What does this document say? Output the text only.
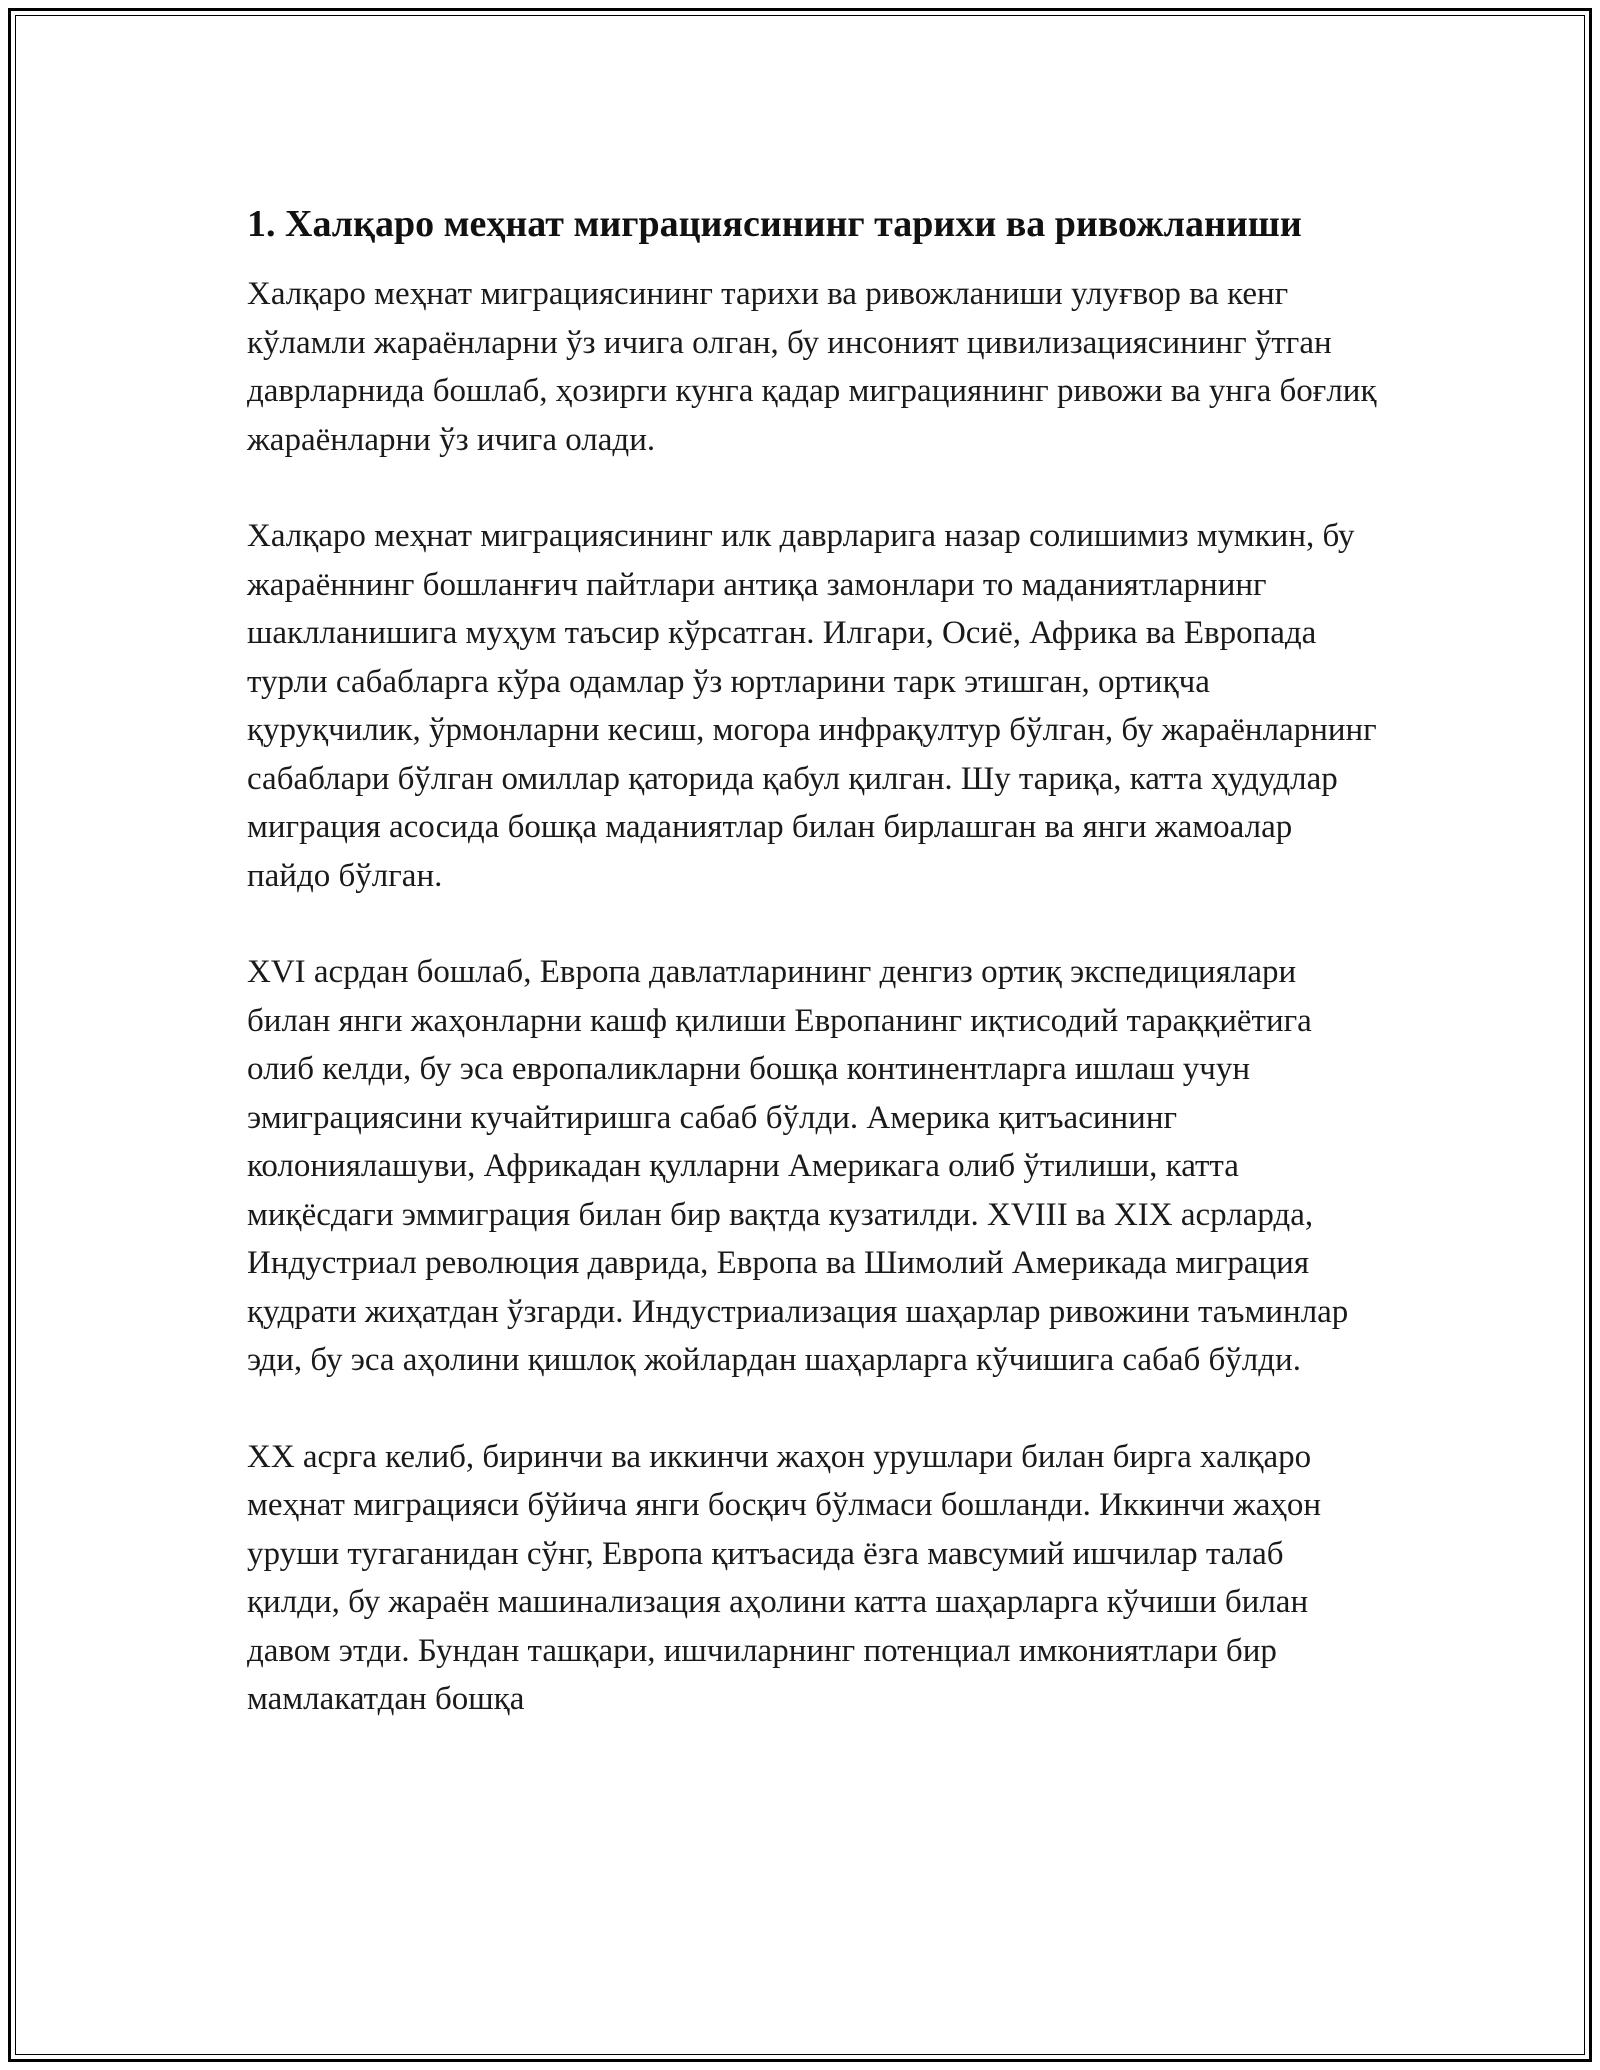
1. Халқаро меҳнат миграциясининг тарихи ва ривожланиши

Халқаро меҳнат миграциясининг тарихи ва ривожланиши улуғвор ва кенг кўламли жараёнларни ўз ичига олган, бу инсоният цивилизациясининг ўтган даврларнида бошлаб, ҳозирги кунга қадар миграциянинг ривожи ва унга боғлиқ жараёнларни ўз ичига олади.

Халқаро меҳнат миграциясининг илк даврларига назар солишимиз мумкин, бу жараённинг бошланғич пайтлари антиқа замонлари то маданиятларнинг шаклланишига муҳум таъсир кўрсатган. Илгари, Осиё, Африка ва Европада турли сабабларга кўра одамлар ўз юртларини тарк этишган, ортиқча қуруқчилик, ўрмонларни кесиш, могора инфрақултур бўлган, бу жараёнларнинг сабаблари бўлган омиллар қаторида қабул қилган. Шу тариқа, катта ҳудудлар миграция асосида бошқа маданиятлар билан бирлашган ва янги жамоалар пайдо бўлган.

XVI асрдан бошлаб, Европа давлатларининг денгиз ортиқ экспедициялари билан янги жаҳонларни кашф қилиши Европанинг иқтисодий тараққиётига олиб келди, бу эса европаликларни бошқа континентларга ишлаш учун эмиграциясини кучайтиришга сабаб бўлди. Америка қитъасининг колониялашуви, Африкадан қулларни Америкага олиб ўтилиши, катта миқёсдаги эммиграция билан бир вақтда кузатилди. XVIII ва XIX асрларда, Индустриал революция даврида, Европа ва Шимолий Америкада миграция қудрати жиҳатдан ўзгарди. Индустриализация шаҳарлар ривожини таъминлар эди, бу эса аҳолини қишлоқ жойлардан шаҳарларга кўчишига сабаб бўлди.

XX асрга келиб, биринчи ва иккинчи жаҳон урушлари билан бирга халқаро меҳнат миграцияси бўйича янги босқич бўлмаси бошланди. Иккинчи жаҳон уруши тугаганидан сўнг, Европа қитъасида ёзга мавсумий ишчилар талаб қилди, бу жараён машинализация аҳолини катта шаҳарларга кўчиши билан давом этди. Бундан ташқари, ишчиларнинг потенциал имкониятлари бир мамлакатдан бошқа
